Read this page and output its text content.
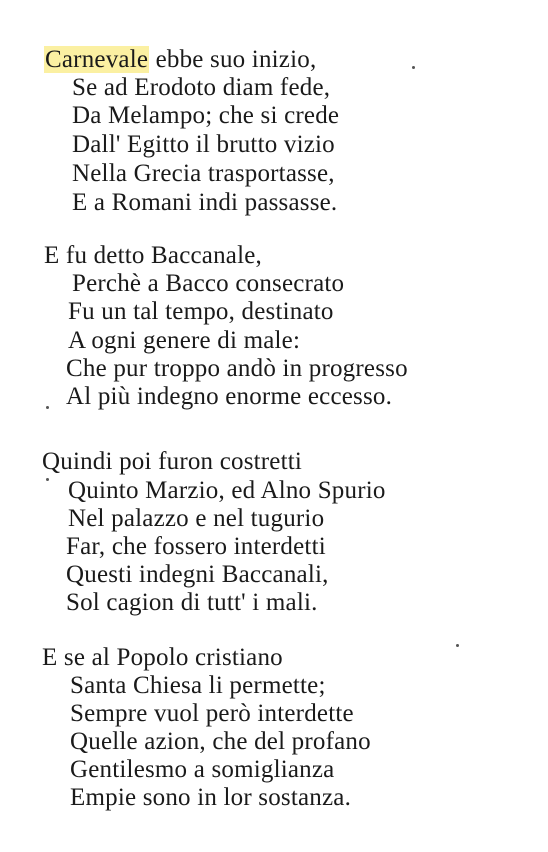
Carnevale ebbe suo inizio,
Se ad Erodoto diam fede,
Da Melampo; che si crede
Dall' Egitto il brutto vizio
Nella Grecia trasportasse,
E a Romani indi passasse.
E fu detto Baccanale,
Perchè a Bacco consecrato
Fu un tal tempo, destinato
A ogni genere di male:
Che pur troppo andò in progresso
Al più indegno enorme eccesso.
Quindi poi furon costretti
Quinto Marzio, ed Alno Spurio
Nel palazzo e nel tugurio
Far, che fossero interdetti
Questi indegni Baccanali,
Sol cagion di tutt' i mali.
E se al Popolo cristiano
Santa Chiesa li permette;
Sempre vuol però interdette
Quelle azion, che del profano
Gentilesmo a somiglianza
Empie sono in lor sostanza.
